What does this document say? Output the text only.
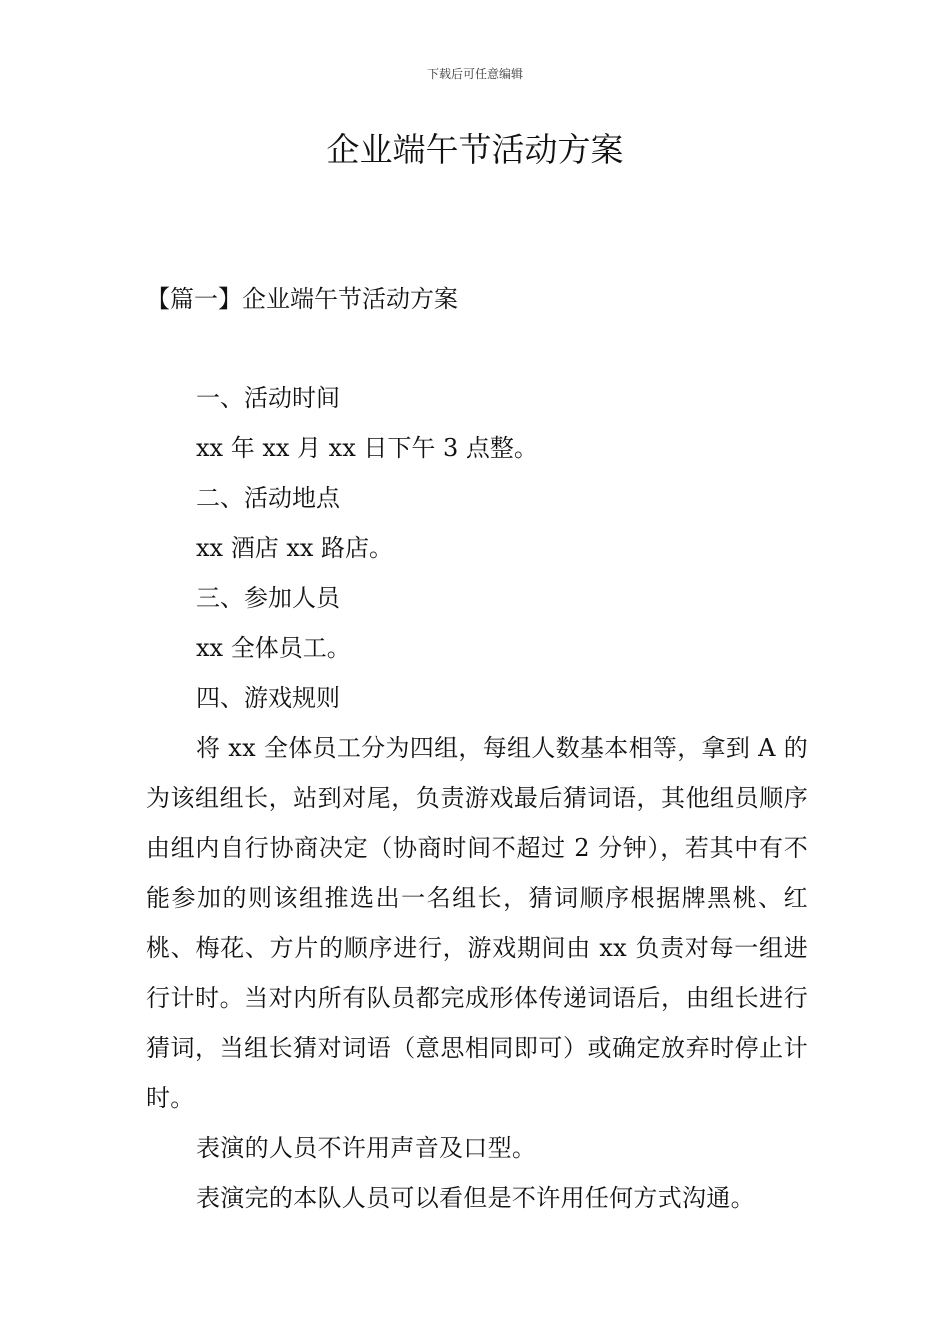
下载后可任意编辑
企业端午节活动方案
【篇一】企业端午节活动方案
一、活动时间
xx 年 xx 月 xx 日下午 3 点整。
二、活动地点
xx 酒店 xx 路店。
三、参加人员
xx 全体员工。
四、游戏规则
将 xx 全体员工分为四组，每组人数基本相等，拿到 A 的为该组组长，站到对尾，负责游戏最后猜词语，其他组员顺序由组内自行协商决定（协商时间不超过 2 分钟），若其中有不能参加的则该组推选出一名组长，猜词顺序根据牌黑桃、红桃、梅花、方片的顺序进行，游戏期间由 xx 负责对每一组进行计时。当对内所有队员都完成形体传递词语后，由组长进行猜词，当组长猜对词语（意思相同即可）或确定放弃时停止计时。
表演的人员不许用声音及口型。
表演完的本队人员可以看但是不许用任何方式沟通。
